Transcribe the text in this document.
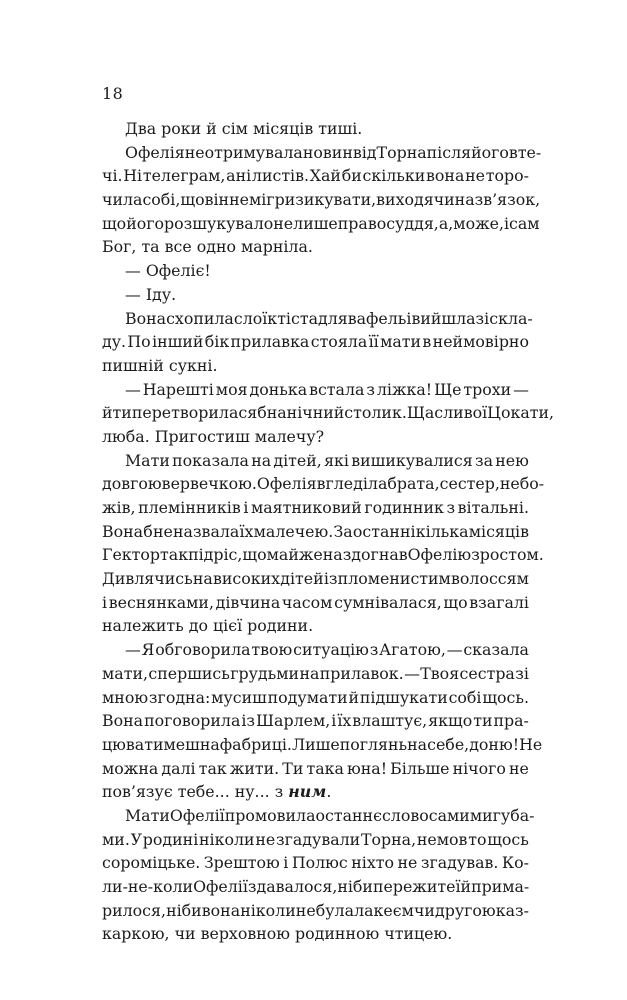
18
Два роки й сім місяців тиші.
Офелія не отримувала новин від Торна після його вте-
чі. Ні телеграм, ані листів. Хай би скільки вона не торо-
чила собі, що він не міг ризикувати, виходячи на зв’язок,
що його розшукувало не лише правосуддя, а, може, і сам
Бог, та все одно марніла.
— Офеліє!
— Іду.
Вона схопила слоїк тіста для вафель і вийшла зі скла-
ду. По інший бік прилавка стояла її мати в неймовірно
пишній сукні.
— Нарешті моя донька встала з ліжка! Ще трохи —
й ти перетворилася б на нічний столик. Щасливої Цокати,
люба. Пригостиш малечу?
Мати показала на дітей, які вишикувалися за нею
довгою вервечкою. Офелія вгледіла брата, сестер, небо-
жів, племінників і маятниковий годинник з вітальні.
Вона б не назвала їх малечею. За останні кілька місяців
Гектор так підріс, що майже наздогнав Офелію зростом.
Дивлячись на високих дітей із пломенистим волоссям
і веснянками, дівчина часом сумнівалася, що взагалі
належить до цієї родини.
— Я обговорила твою ситуацію з Агатою, — сказала
мати, спершись грудьми на прилавок. — Твоя сестра зі
мною згодна: мусиш подумати й підшукати собі щось.
Вона поговорила із Шарлем, і їх влаштує, якщо ти пра-
цюватимеш на фабриці. Лише поглянь на себе, доню! Не
можна далі так жити. Ти така юна! Більше нічого не
пов’язує тебе... ну... з ним .
Мати Офелії промовила останнє слово самими губа-
ми. У родині ніколи не згадували Торна, немов то щось
сороміцьке. Зрештою і Полюс ніхто не згадував. Ко-
ли-не-коли Офелії здавалося, ніби пережите їй прима-
рилося, ніби вона ніколи не була лакеєм чи другою каз-
каркою, чи верховною родинною чтицею.
